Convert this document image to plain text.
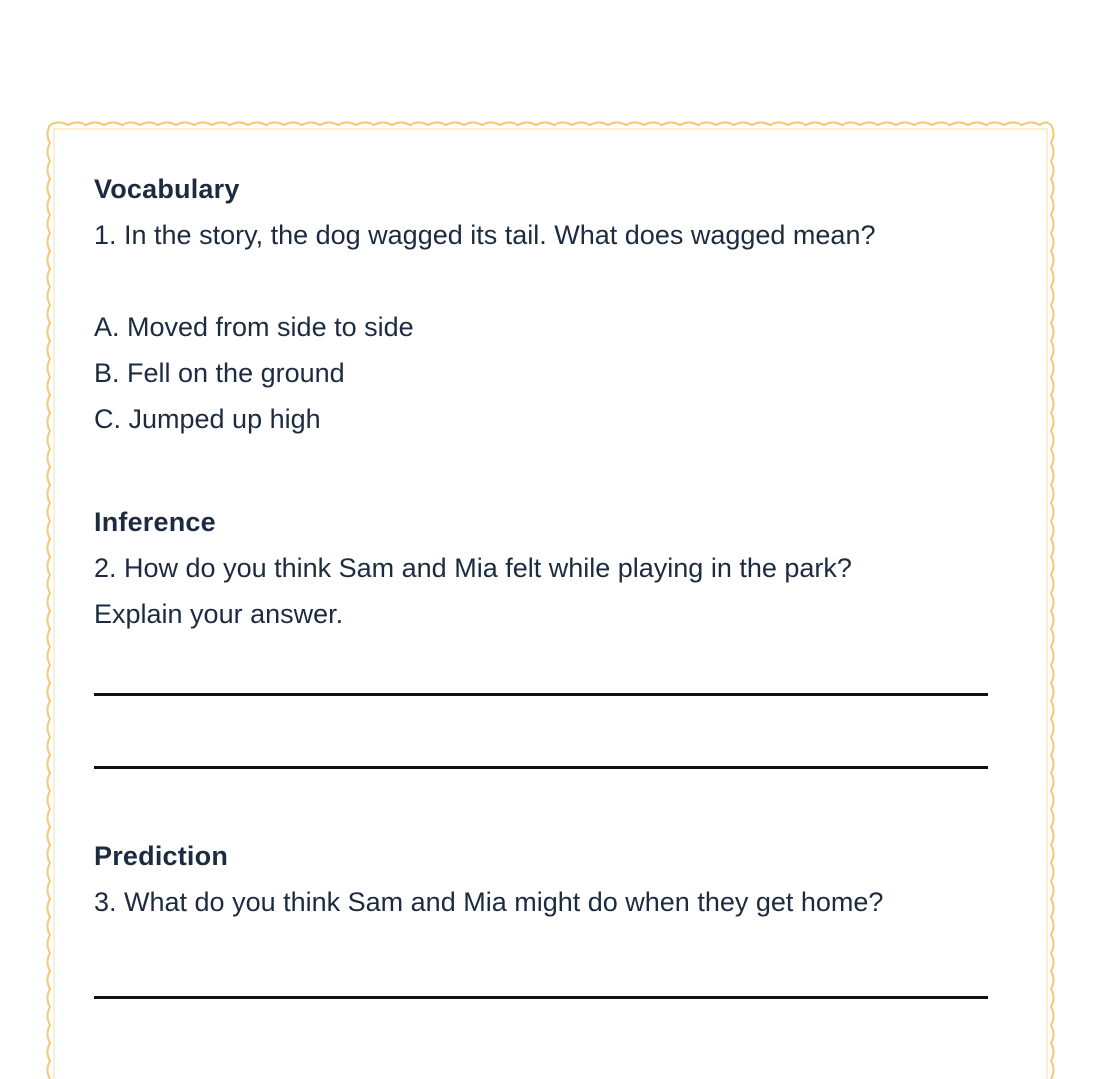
Vocabulary
1. In the story, the dog wagged its tail. What does wagged mean?
A. Moved from side to side
B. Fell on the ground
C. Jumped up high
Inference
2. How do you think Sam and Mia felt while playing in the park?
Explain your answer.
Prediction
3. What do you think Sam and Mia might do when they get home?
